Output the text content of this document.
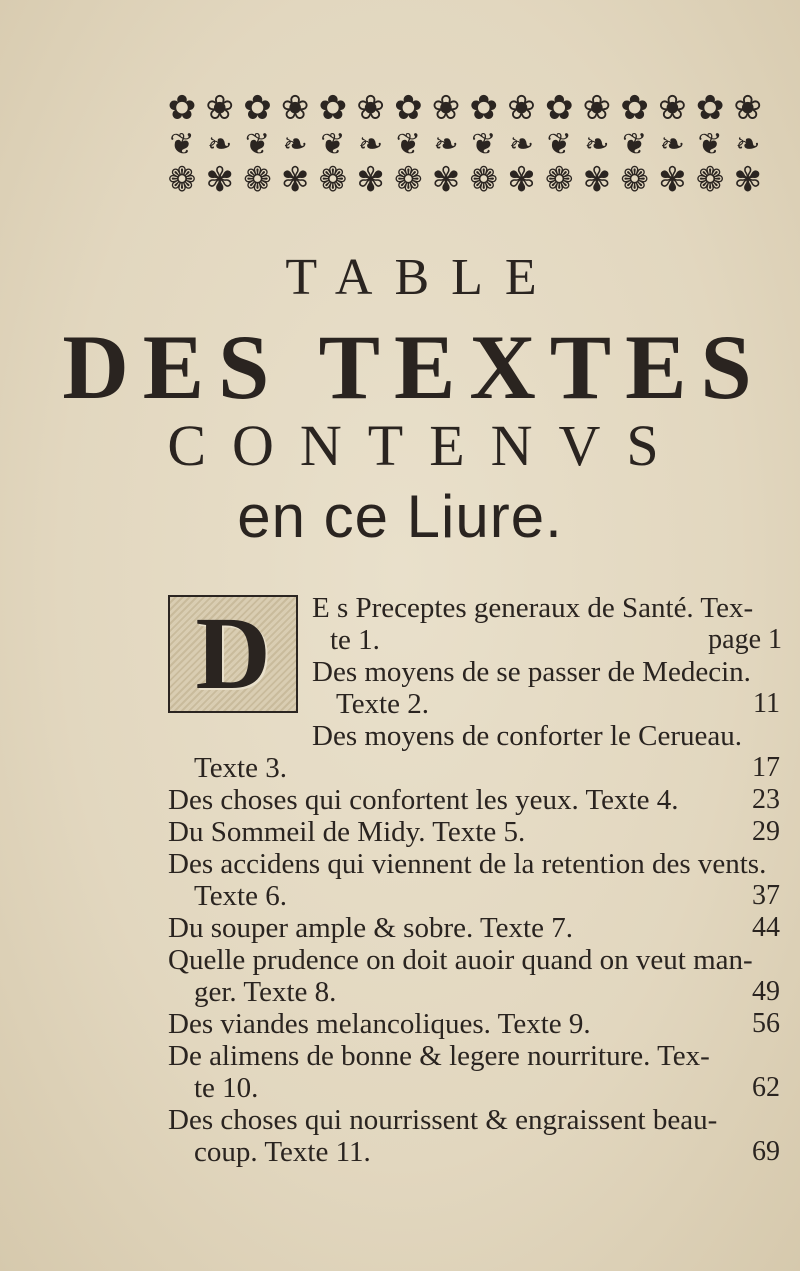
✿ ❀ ✿ ❀ ✿ ❀ ✿ ❀ ✿ ❀ ✿ ❀ ✿ ❀ ✿ ❀
❦ ❧ ❦ ❧ ❦ ❧ ❦ ❧ ❦ ❧ ❦ ❧ ❦ ❧ ❦ ❧
❁ ✾ ❁ ✾ ❁ ✾ ❁ ✾ ❁ ✾ ❁ ✾ ❁ ✾ ❁ ✾
TABLE
DES TEXTES
CONTENVS
en ce Liure.
D E s Preceptes generaux de Santé. Tex-
te 1.	page 1
Des moyens de se passer de Medecin.
Texte 2.	11
Des moyens de conforter le Cerueau.
Texte 3.	17
Des choses qui confortent les yeux. Texte 4.	23
Du Sommeil de Midy. Texte 5.	29
Des accidens qui viennent de la retention des vents.
Texte 6.	37
Du souper ample & sobre. Texte 7.	44
Quelle prudence on doit auoir quand on veut man-
ger. Texte 8.	49
Des viandes melancoliques. Texte 9.	56
De alimens de bonne & legere nourriture. Tex-
te 10.	62
Des choses qui nourrissent & engraissent beau-
coup. Texte 11.	69
